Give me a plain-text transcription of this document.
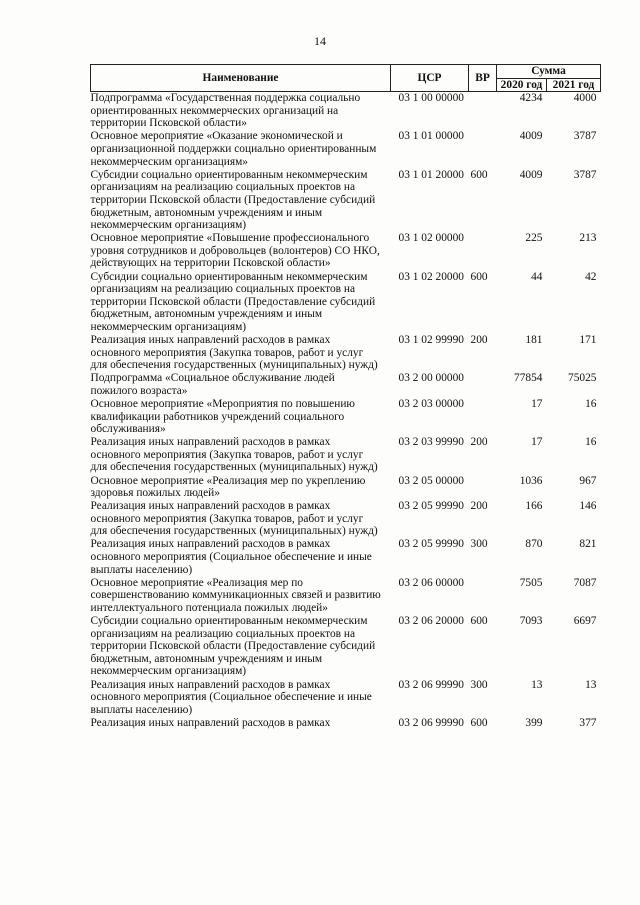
14
Наименование	ЦСР	ВР	Сумма	
			2020 год	2021 год
Подпрограмма «Государственная поддержка социально ориентированных некоммерческих организаций на территории Псковской области»	03 1 00 00000		4234	4000
Основное мероприятие «Оказание экономической и организационной поддержки социально ориентированным некоммерческим организациям»	03 1 01 00000		4009	3787
Субсидии социально ориентированным некоммерческим организациям на реализацию социальных проектов на территории Псковской области (Предоставление субсидий бюджетным, автономным учреждениям и иным некоммерческим организациям)	03 1 01 20000	600	4009	3787
Основное мероприятие «Повышение профессионального уровня сотрудников и добровольцев (волонтеров) СО НКО, действующих на территории Псковской области»	03 1 02 00000		225	213
Субсидии социально ориентированным некоммерческим организациям на реализацию социальных проектов на территории Псковской области (Предоставление субсидий бюджетным, автономным учреждениям и иным некоммерческим организациям)	03 1 02 20000	600	44	42
Реализация иных направлений расходов в рамках основного мероприятия (Закупка товаров, работ и услуг для обеспечения государственных (муниципальных) нужд)	03 1 02 99990	200	181	171
Подпрограмма «Социальное обслуживание людей пожилого возраста»	03 2 00 00000		77854	75025
Основное мероприятие «Мероприятия по повышению квалификации работников учреждений социального обслуживания»	03 2 03 00000		17	16
Реализация иных направлений расходов в рамках основного мероприятия (Закупка товаров, работ и услуг для обеспечения государственных (муниципальных) нужд)	03 2 03 99990	200	17	16
Основное мероприятие «Реализация мер по укреплению здоровья пожилых людей»	03 2 05 00000		1036	967
Реализация иных направлений расходов в рамках основного мероприятия (Закупка товаров, работ и услуг для обеспечения государственных (муниципальных) нужд)	03 2 05 99990	200	166	146
Реализация иных направлений расходов в рамках основного мероприятия (Социальное обеспечение и иные выплаты населению)	03 2 05 99990	300	870	821
Основное мероприятие «Реализация мер по совершенствованию коммуникационных связей и развитию интеллектуального потенциала пожилых людей»	03 2 06 00000		7505	7087
Субсидии социально ориентированным некоммерческим организациям на реализацию социальных проектов на территории Псковской области (Предоставление субсидий бюджетным, автономным учреждениям и иным некоммерческим организациям)	03 2 06 20000	600	7093	6697
Реализация иных направлений расходов в рамках основного мероприятия (Социальное обеспечение и иные выплаты населению)	03 2 06 99990	300	13	13
Реализация иных направлений расходов в рамках	03 2 06 99990	600	399	377
